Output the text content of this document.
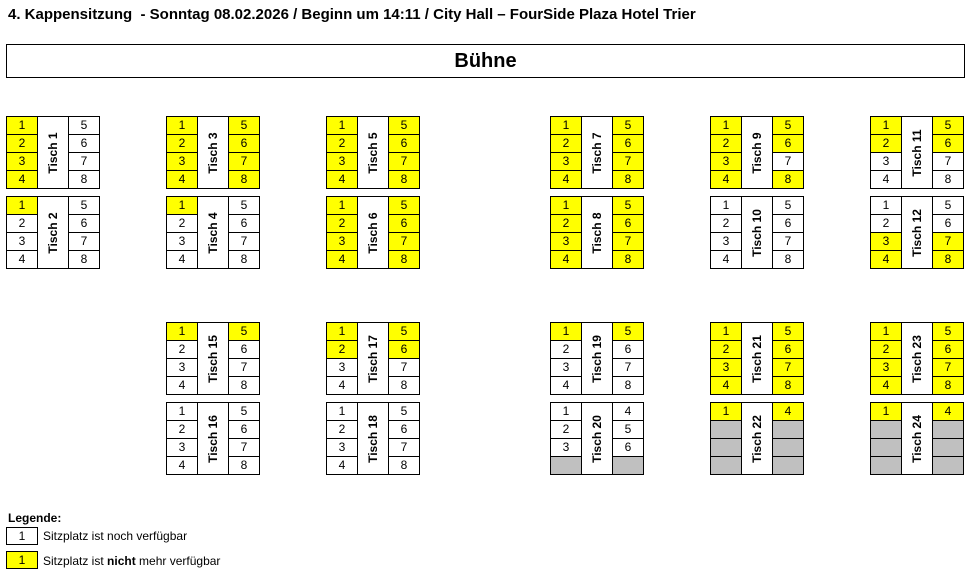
4. Kappensitzung  - Sonntag 08.02.2026 / Beginn um 14:11 / City Hall – FourSide Plaza Hotel Trier
Bühne
1	5
2	6
3	7
4	8
Tisch 1
1	5
2	6
3	7
4	8
Tisch 2
1	5
2	6
3	7
4	8
Tisch 3
1	5
2	6
3	7
4	8
Tisch 4
1	5
2	6
3	7
4	8
Tisch 5
1	5
2	6
3	7
4	8
Tisch 6
1	5
2	6
3	7
4	8
Tisch 7
1	5
2	6
3	7
4	8
Tisch 8
1	5
2	6
3	7
4	8
Tisch 9
1	5
2	6
3	7
4	8
Tisch 10
1	5
2	6
3	7
4	8
Tisch 11
1	5
2	6
3	7
4	8
Tisch 12
1	5
2	6
3	7
4	8
Tisch 15
1	5
2	6
3	7
4	8
Tisch 16
1	5
2	6
3	7
4	8
Tisch 17
1	5
2	6
3	7
4	8
Tisch 18
1	5
2	6
3	7
4	8
Tisch 19
1	4
2	5
3	6
Tisch 20
1	5
2	6
3	7
4	8
Tisch 21
1	4
Tisch 22
1	5
2	6
3	7
4	8
Tisch 23
1	4
Tisch 24
Legende:
1	Sitzplatz ist noch verfügbar
1	Sitzplatz ist nicht mehr verfügbar
